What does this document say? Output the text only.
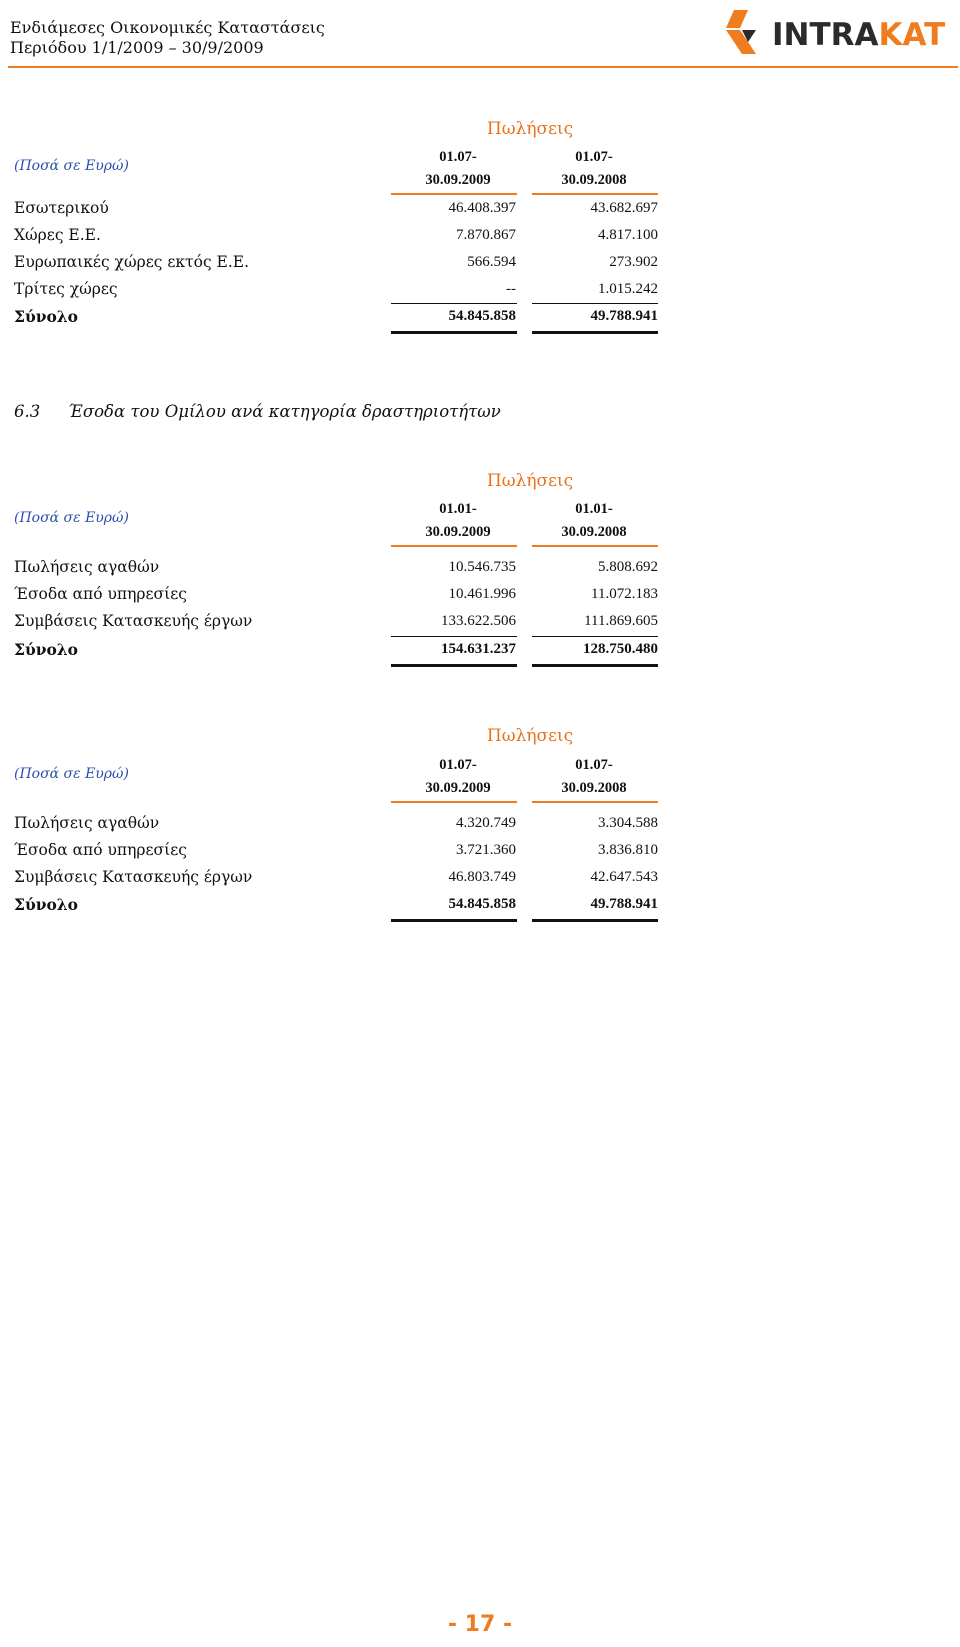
Ενδιάμεσες Οικονομικές Καταστάσεις
Περιόδου 1/1/2009 – 30/9/2009	INTRAKAT
Πωλήσεις
(Ποσά σε Ευρώ)
01.07-
30.09.2009
01.07-
30.09.2008
Εσωτερικού	46.408.397	43.682.697
Χώρες Ε.Ε.	7.870.867	4.817.100
Ευρωπαικές χώρες εκτός Ε.Ε.	566.594	273.902
Τρίτες χώρες	--	1.015.242
Σύνολο	54.845.858	49.788.941
6.3 Έσοδα του Ομίλου ανά κατηγορία δραστηριοτήτων
Πωλήσεις
(Ποσά σε Ευρώ)
01.01-
30.09.2009
01.01-
30.09.2008
Πωλήσεις αγαθών	10.546.735	5.808.692
Έσοδα από υπηρεσίες	10.461.996	11.072.183
Συμβάσεις Κατασκευής έργων	133.622.506	111.869.605
Σύνολο	154.631.237	128.750.480
Πωλήσεις
(Ποσά σε Ευρώ)
01.07-
30.09.2009
01.07-
30.09.2008
Πωλήσεις αγαθών	4.320.749	3.304.588
Έσοδα από υπηρεσίες	3.721.360	3.836.810
Συμβάσεις Κατασκευής έργων	46.803.749	42.647.543
Σύνολο	54.845.858	49.788.941
- 17 -
